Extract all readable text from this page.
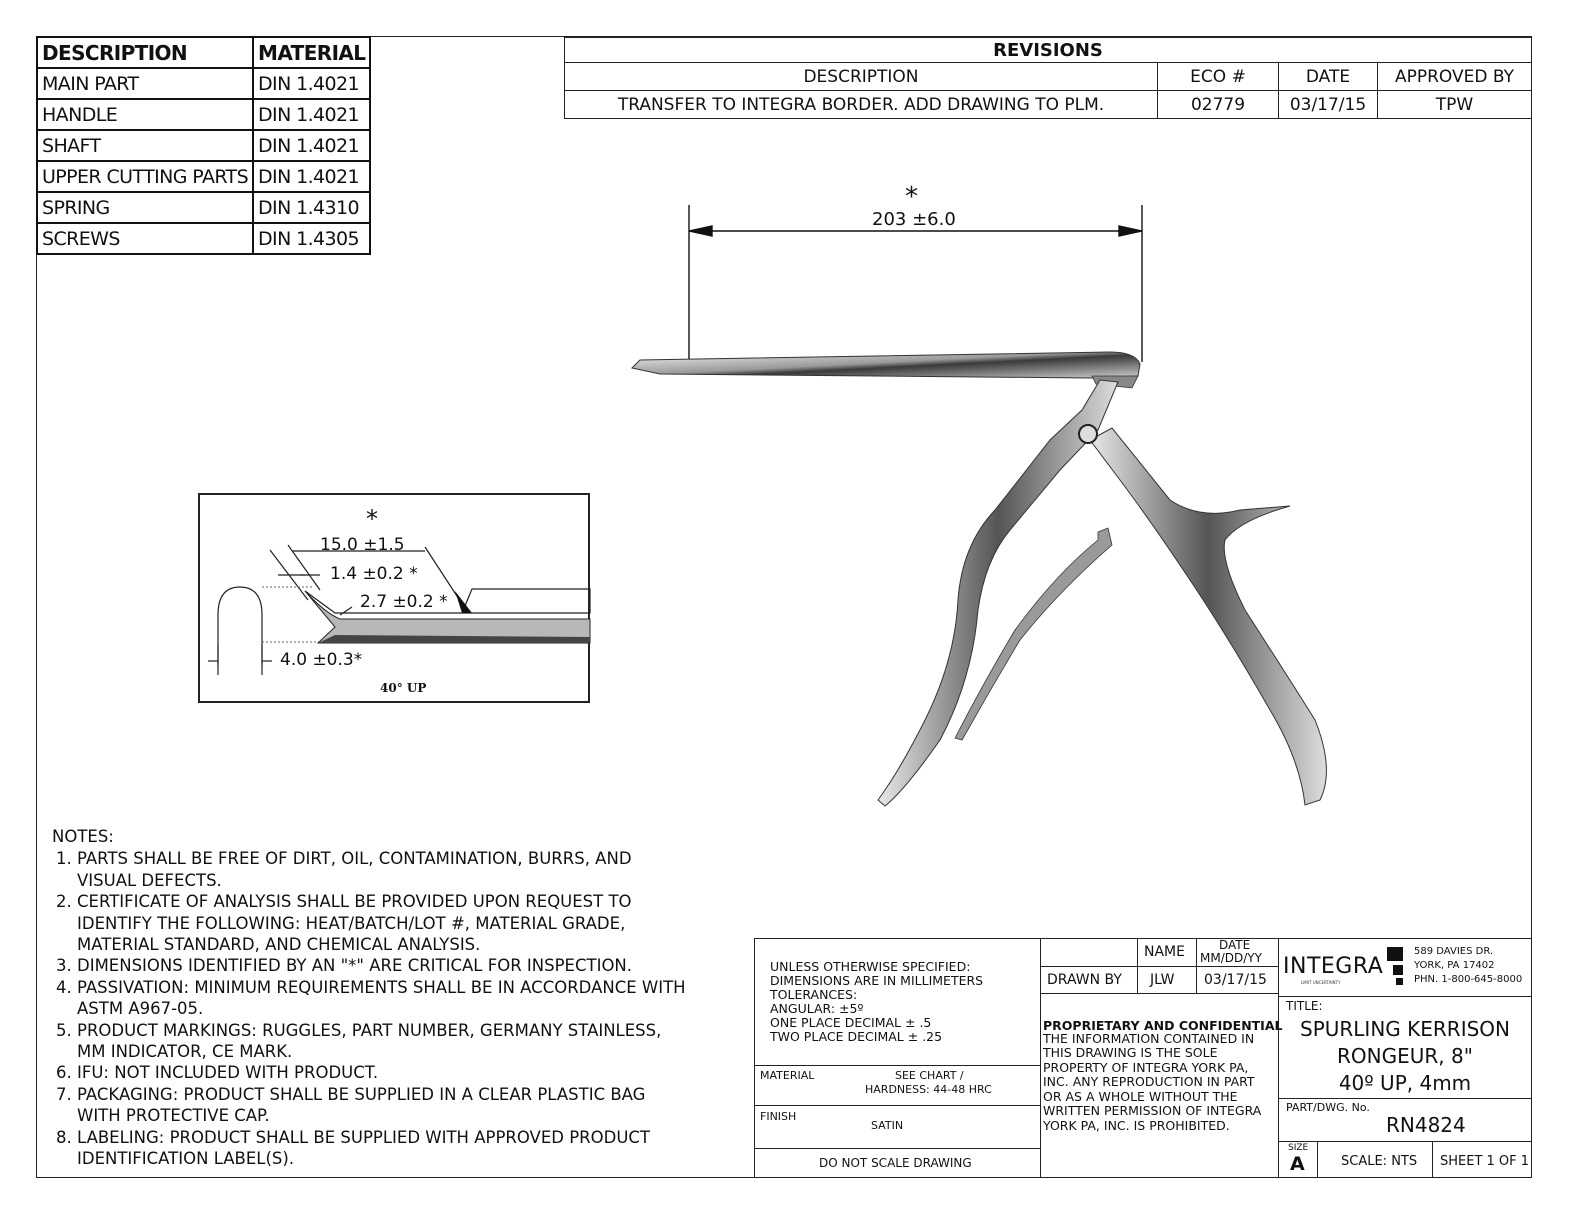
DESCRIPTION	MATERIAL
MAIN PART	DIN 1.4021
HANDLE	DIN 1.4021
SHAFT	DIN 1.4021
UPPER CUTTING PARTS	DIN 1.4021
SPRING	DIN 1.4310
SCREWS	DIN 1.4305
REVISIONS			
DESCRIPTION	ECO #	DATE	APPROVED BY
TRANSFER TO INTEGRA BORDER. ADD DRAWING TO PLM.	02779	03/17/15	TPW
*
203 ±6.0
*
15.0 ±1.5
1.4 ±0.2 *
2.7 ±0.2 *
4.0 ±0.3*
40° UP
NOTES:
1. PARTS SHALL BE FREE OF DIRT, OIL, CONTAMINATION, BURRS, AND VISUAL DEFECTS.
2. CERTIFICATE OF ANALYSIS SHALL BE PROVIDED UPON REQUEST TO IDENTIFY THE FOLLOWING: HEAT/BATCH/LOT #, MATERIAL GRADE, MATERIAL STANDARD, AND CHEMICAL ANALYSIS.
3. DIMENSIONS IDENTIFIED BY AN "*" ARE CRITICAL FOR INSPECTION.
4. PASSIVATION: MINIMUM REQUIREMENTS SHALL BE IN ACCORDANCE WITH ASTM A967-05.
5. PRODUCT MARKINGS: RUGGLES, PART NUMBER, GERMANY STAINLESS, MM INDICATOR, CE MARK.
6. IFU: NOT INCLUDED WITH PRODUCT.
7. PACKAGING: PRODUCT SHALL BE SUPPLIED IN A CLEAR PLASTIC BAG WITH PROTECTIVE CAP.
8. LABELING: PRODUCT SHALL BE SUPPLIED WITH APPROVED PRODUCT IDENTIFICATION LABEL(S).
UNLESS OTHERWISE SPECIFIED:
DIMENSIONS ARE IN MILLIMETERS
TOLERANCES:
ANGULAR: ±5º
ONE PLACE DECIMAL ± .5
TWO PLACE DECIMAL ± .25
MATERIAL	SEE CHART /
HARDNESS: 44-48 HRC
FINISH
SATIN
DO NOT SCALE DRAWING
NAME	DATE
MM/DD/YY
DRAWN BY JLW 03/17/15
PROPRIETARY AND CONFIDENTIAL
THE INFORMATION CONTAINED IN
THIS DRAWING IS THE SOLE
PROPERTY OF INTEGRA YORK PA,
INC. ANY REPRODUCTION IN PART
OR AS A WHOLE WITHOUT THE
WRITTEN PERMISSION OF INTEGRA
YORK PA, INC. IS PROHIBITED.
INTEGRA
LIMIT UNCERTAINTY
589 DAVIES DR.
YORK, PA 17402
PHN. 1-800-645-8000
TITLE:
SPURLING KERRISON
RONGEUR, 8"
40º UP, 4mm
PART/DWG. No.
RN4824
SIZE
A	SCALE: NTS SHEET 1 OF 1
